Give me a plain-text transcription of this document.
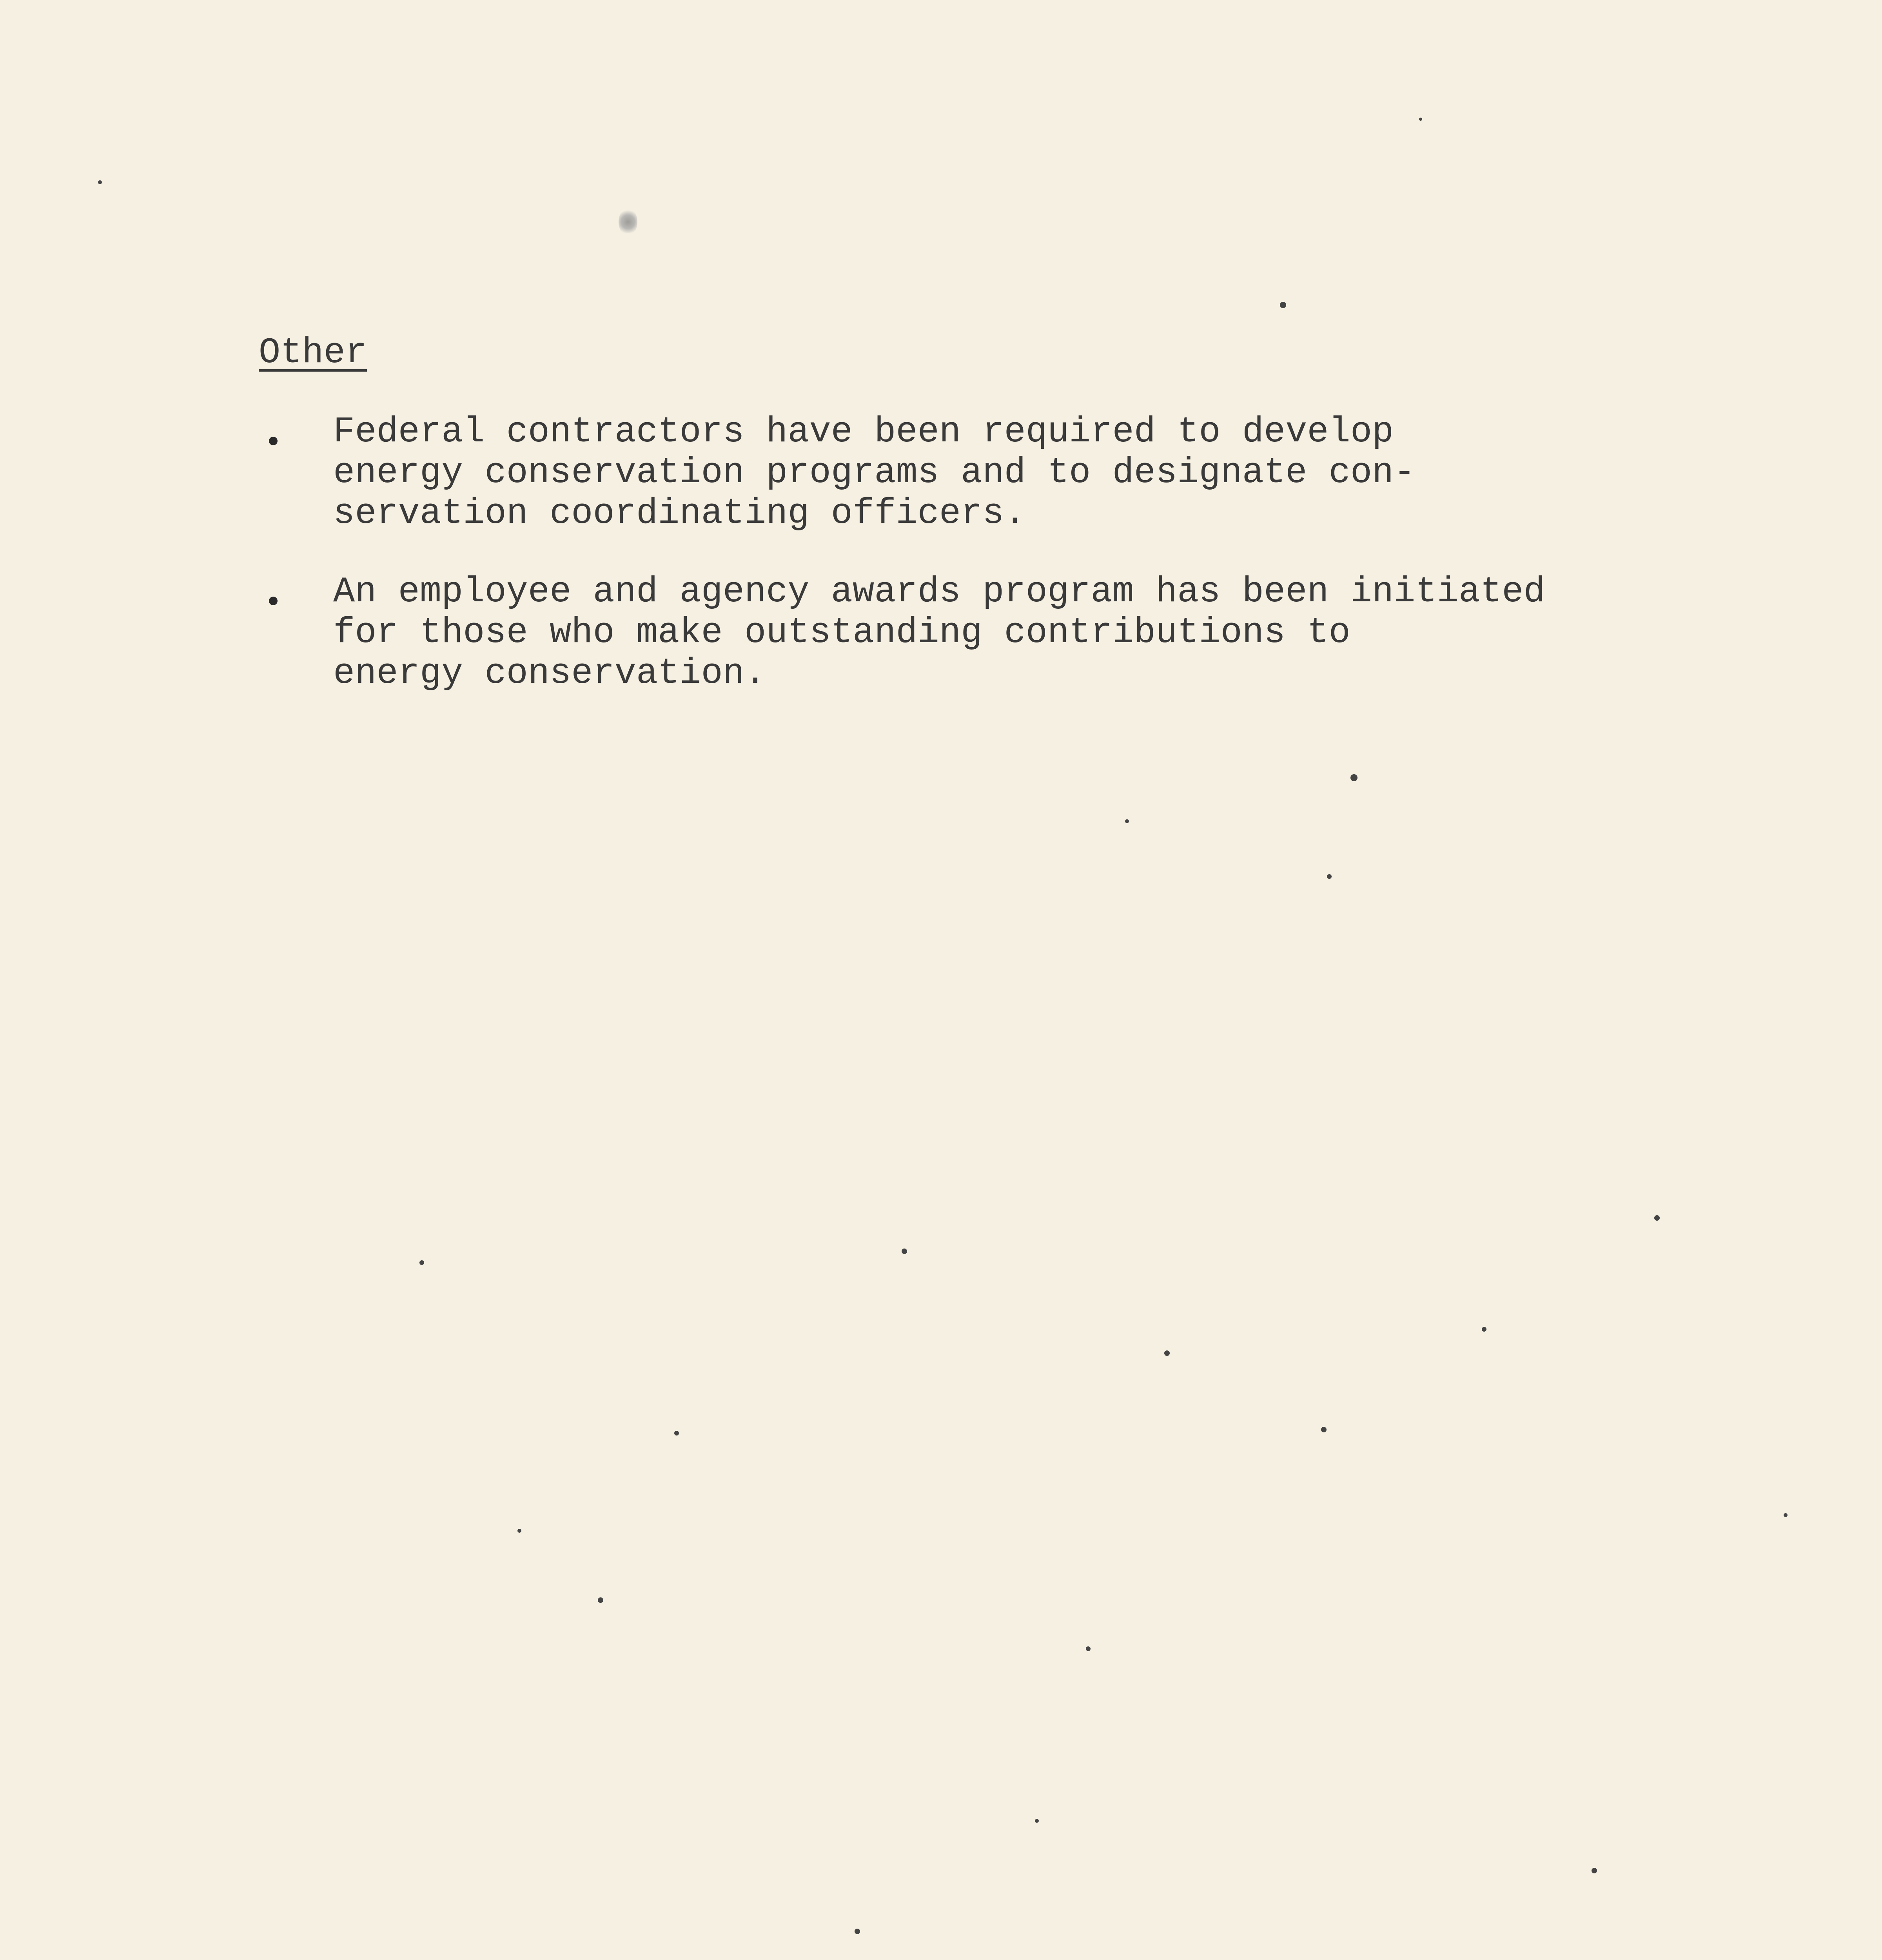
Other
Federal contractors have been required to develop
energy conservation programs and to designate con-
servation coordinating officers.
An employee and agency awards program has been initiated
for those who make outstanding contributions to
energy conservation.
